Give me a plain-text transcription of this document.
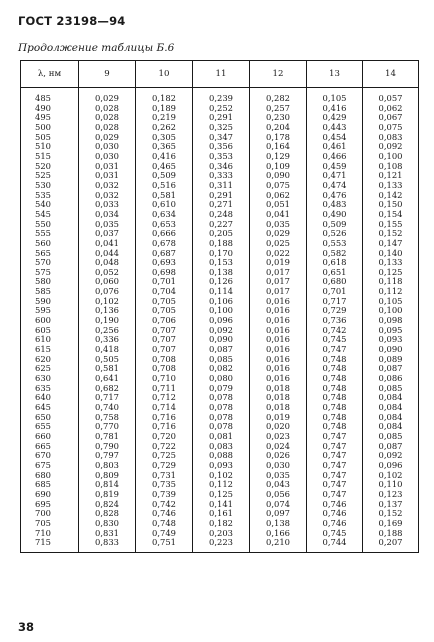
ГОСТ 23198—94
Продолжение таблицы Б.6
λ, нм	9	10	11	12	13	14
485	0,029	0,182	0,239	0,282	0,105	0,057
490	0,028	0,189	0,252	0,257	0,416	0,062
495	0,028	0,219	0,291	0,230	0,429	0,067
500	0,028	0,262	0,325	0,204	0,443	0,075
505	0,029	0,305	0,347	0,178	0,454	0,083
510	0,030	0,365	0,356	0,164	0,461	0,092
515	0,030	0,416	0,353	0,129	0,466	0,100
520	0,031	0,465	0,346	0,109	0,459	0,108
525	0,031	0,509	0,333	0,090	0,471	0,121
530	0,032	0,516	0,311	0,075	0,474	0,133
535	0,032	0,581	0,291	0,062	0,476	0,142
540	0,033	0,610	0,271	0,051	0,483	0,150
545	0,034	0,634	0,248	0,041	0,490	0,154
550	0,035	0,653	0,227	0,035	0,509	0,155
555	0,037	0,666	0,205	0,029	0,526	0,152
560	0,041	0,678	0,188	0,025	0,553	0,147
565	0,044	0,687	0,170	0,022	0,582	0,140
570	0,048	0,693	0,153	0,019	0,618	0,133
575	0,052	0,698	0,138	0,017	0,651	0,125
580	0,060	0,701	0,126	0,017	0,680	0,118
585	0,076	0,704	0,114	0,017	0,701	0,112
590	0,102	0,705	0,106	0,016	0,717	0,105
595	0,136	0,705	0,100	0,016	0,729	0,100
600	0,190	0,706	0,096	0,016	0,736	0,098
605	0,256	0,707	0,092	0,016	0,742	0,095
610	0,336	0,707	0,090	0,016	0,745	0,093
615	0,418	0,707	0,087	0,016	0,747	0,090
620	0,505	0,708	0,085	0,016	0,748	0,089
625	0,581	0,708	0,082	0,016	0,748	0,087
630	0,641	0,710	0,080	0,016	0,748	0,086
635	0,682	0,711	0,079	0,018	0,748	0,085
640	0,717	0,712	0,078	0,018	0,748	0,084
645	0,740	0,714	0,078	0,018	0,748	0,084
650	0,758	0,716	0,078	0,019	0,748	0,084
655	0,770	0,716	0,078	0,020	0,748	0,084
660	0,781	0,720	0,081	0,023	0,747	0,085
665	0,790	0,722	0,083	0,024	0,747	0,087
670	0,797	0,725	0,088	0,026	0,747	0,092
675	0,803	0,729	0,093	0,030	0,747	0,096
680	0,809	0,731	0,102	0,035	0,747	0,102
685	0,814	0,735	0,112	0,043	0,747	0,110
690	0,819	0,739	0,125	0,056	0,747	0,123
695	0,824	0,742	0,141	0,074	0,746	0,137
700	0,828	0,746	0,161	0,097	0,746	0,152
705	0,830	0,748	0,182	0,138	0,746	0,169
710	0,831	0,749	0,203	0,166	0,745	0,188
715	0,833	0,751	0,223	0,210	0,744	0,207
38
